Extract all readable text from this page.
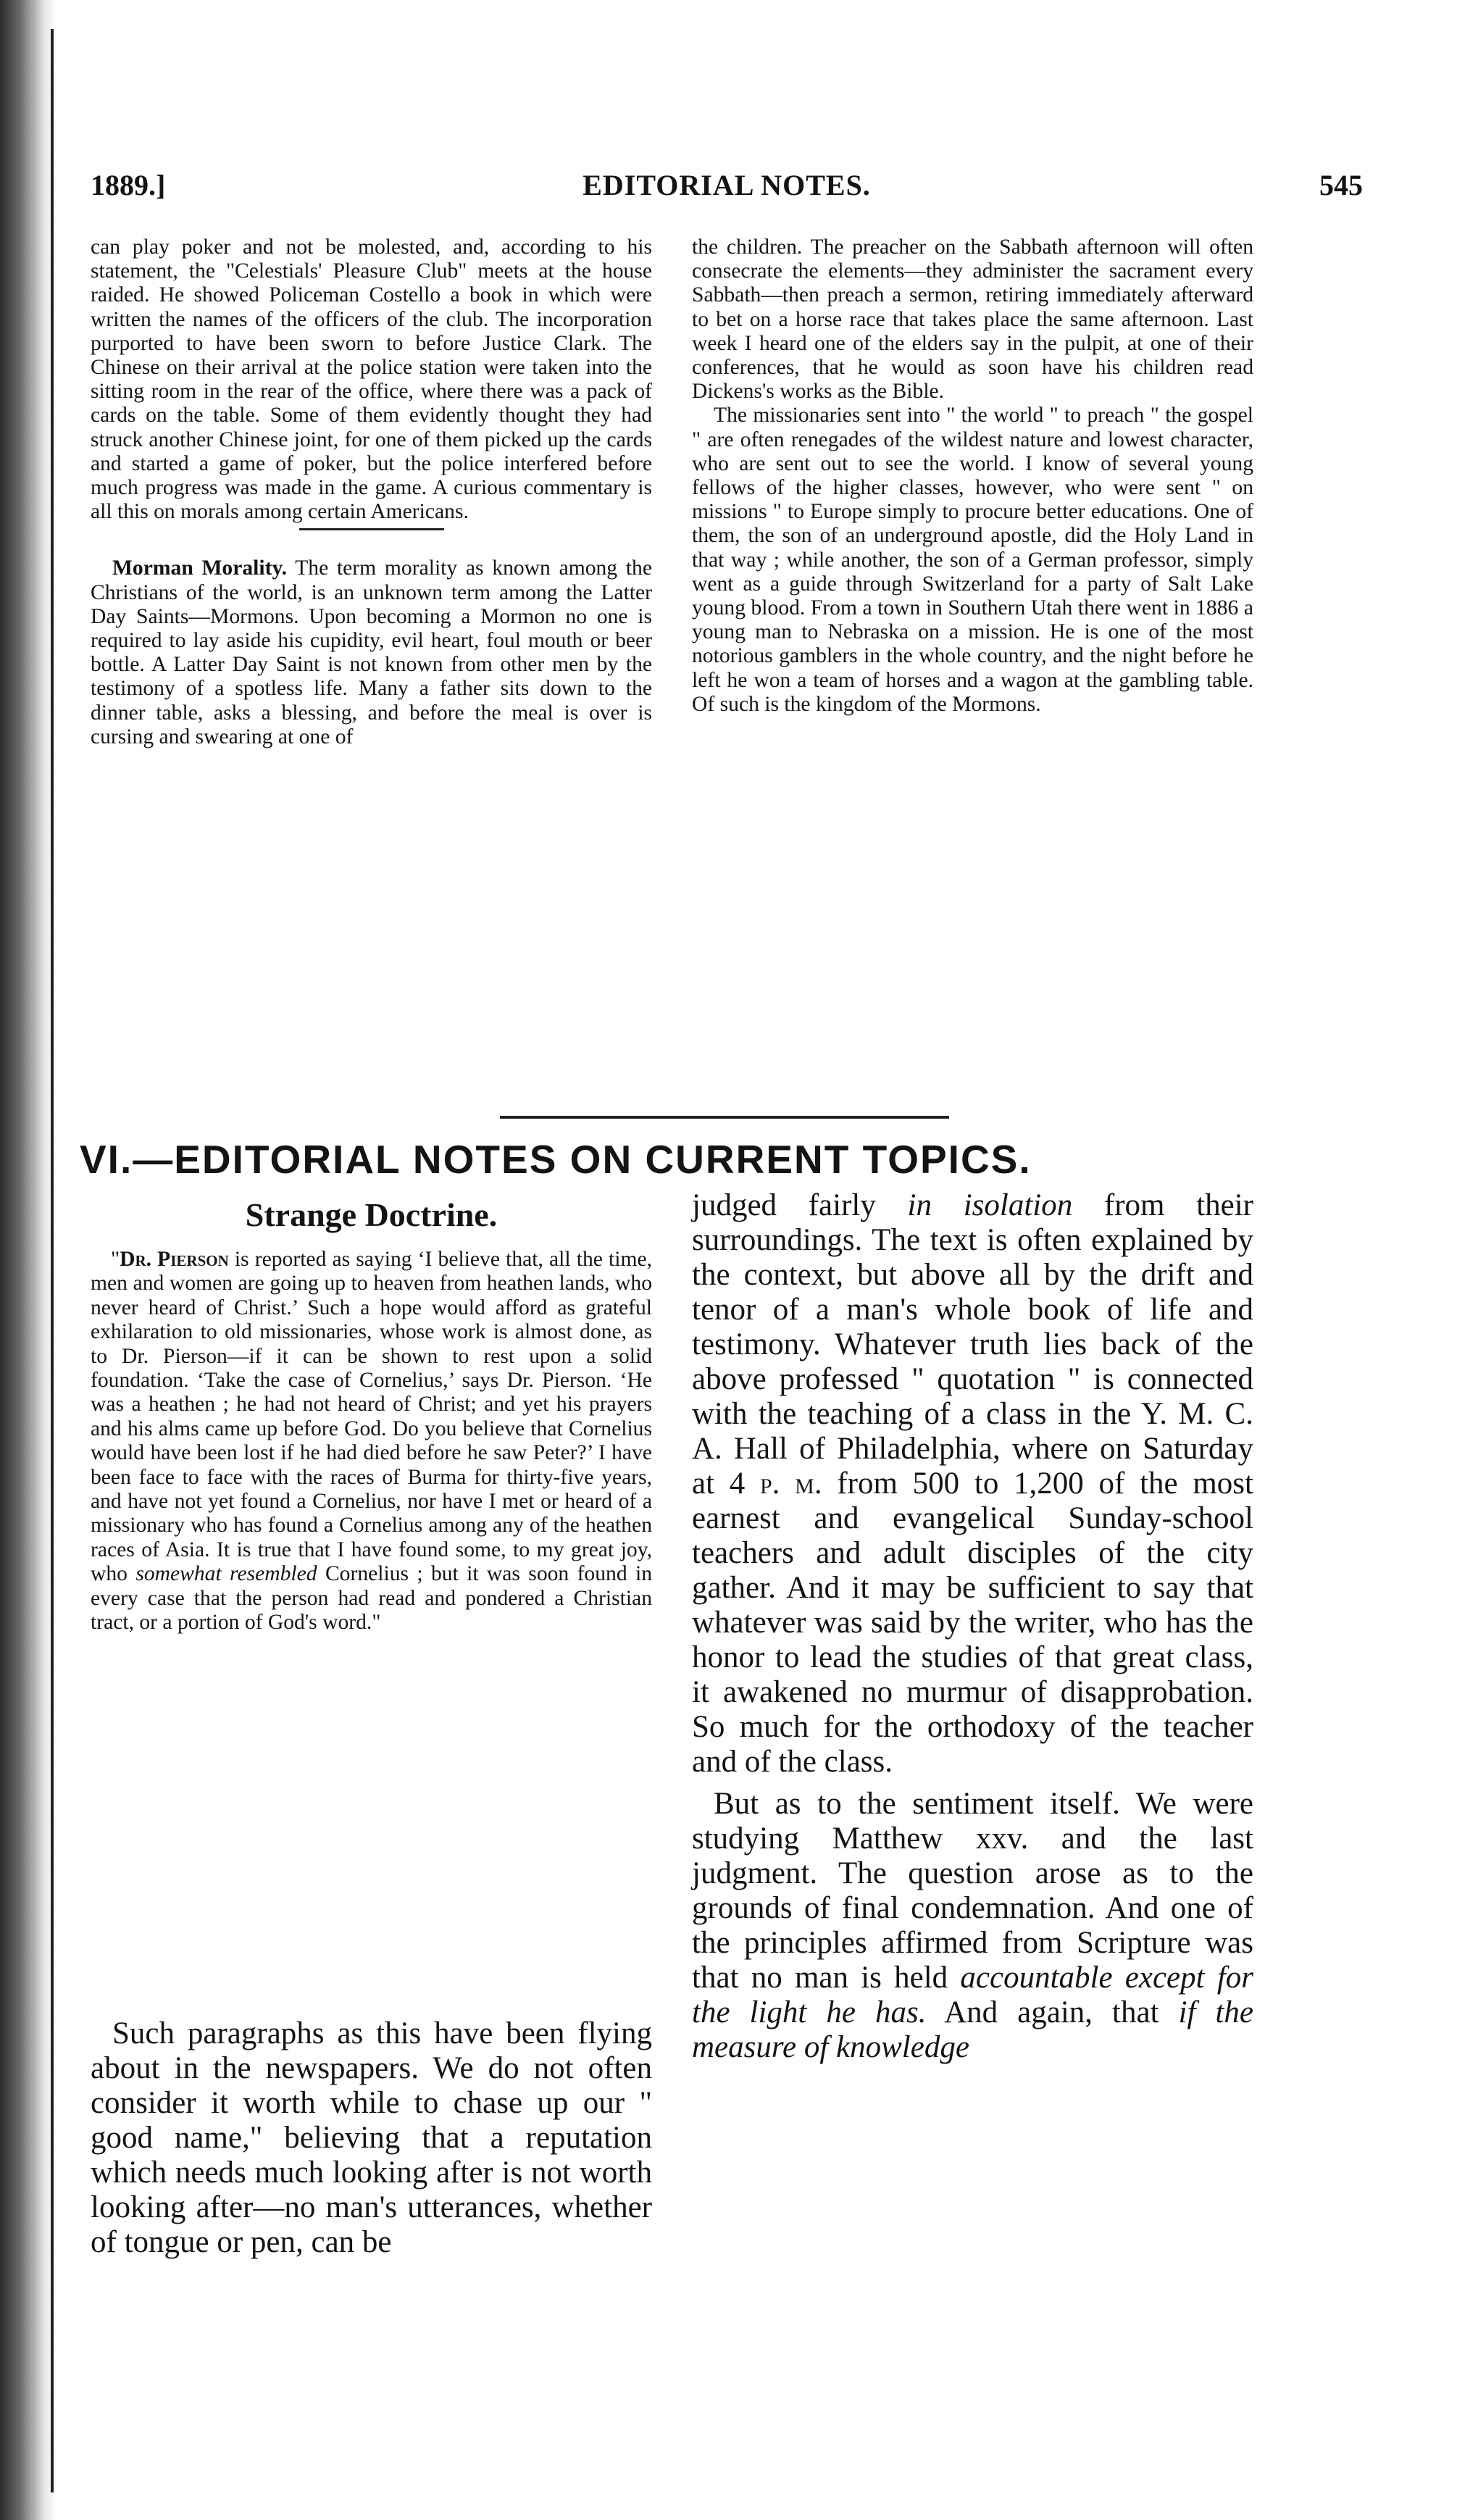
1889.]	EDITORIAL NOTES.	545

can play poker and not be molested, and, according to his statement, the "Celestials' Pleasure Club" meets at the house raided. He showed Policeman Costello a book in which were written the names of the officers of the club. The incorporation purported to have been sworn to before Justice Clark. The Chinese on their arrival at the police station were taken into the sitting room in the rear of the office, where there was a pack of cards on the table. Some of them evidently thought they had struck another Chinese joint, for one of them picked up the cards and started a game of poker, but the police interfered before much progress was made in the game. A curious commentary is all this on morals among certain Americans.

Morman Morality. The term morality as known among the Christians of the world, is an unknown term among the Latter Day Saints—Mormons. Upon becoming a Mormon no one is required to lay aside his cupidity, evil heart, foul mouth or beer bottle. A Latter Day Saint is not known from other men by the testimony of a spotless life. Many a father sits down to the dinner table, asks a blessing, and before the meal is over is cursing and swearing at one of

the children. The preacher on the Sabbath afternoon will often consecrate the elements—they administer the sacrament every Sabbath—then preach a sermon, retiring immediately afterward to bet on a horse race that takes place the same afternoon. Last week I heard one of the elders say in the pulpit, at one of their conferences, that he would as soon have his children read Dickens's works as the Bible.

The missionaries sent into " the world " to preach " the gospel " are often renegades of the wildest nature and lowest character, who are sent out to see the world. I know of several young fellows of the higher classes, however, who were sent " on missions " to Europe simply to procure better educations. One of them, the son of an underground apostle, did the Holy Land in that way ; while another, the son of a German professor, simply went as a guide through Switzerland for a party of Salt Lake young blood. From a town in Southern Utah there went in 1886 a young man to Nebraska on a mission. He is one of the most notorious gamblers in the whole country, and the night before he left he won a team of horses and a wagon at the gambling table. Of such is the kingdom of the Mormons.

VI.—EDITORIAL NOTES ON CURRENT TOPICS.
Strange Doctrine.

"Dr. Pierson is reported as saying ‘I believe that, all the time, men and women are going up to heaven from heathen lands, who never heard of Christ.’ Such a hope would afford as grateful exhilaration to old missionaries, whose work is almost done, as to Dr. Pierson—if it can be shown to rest upon a solid foundation. ‘Take the case of Cornelius,’ says Dr. Pierson. ‘He was a heathen ; he had not heard of Christ; and yet his prayers and his alms came up before God. Do you believe that Cornelius would have been lost if he had died before he saw Peter?’ I have been face to face with the races of Burma for thirty-five years, and have not yet found a Cornelius, nor have I met or heard of a missionary who has found a Cornelius among any of the heathen races of Asia. It is true that I have found some, to my great joy, who somewhat resembled Cornelius ; but it was soon found in every case that the person had read and pondered a Christian tract, or a portion of God's word."

Such paragraphs as this have been flying about in the newspapers. We do not often consider it worth while to chase up our " good name," believing that a reputation which needs much looking after is not worth looking after—no man's utterances, whether of tongue or pen, can be

judged fairly in isolation from their surroundings. The text is often explained by the context, but above all by the drift and tenor of a man's whole book of life and testimony. Whatever truth lies back of the above professed " quotation " is connected with the teaching of a class in the Y. M. C. A. Hall of Philadelphia, where on Saturday at 4 p. m. from 500 to 1,200 of the most earnest and evangelical Sunday-school teachers and adult disciples of the city gather. And it may be sufficient to say that whatever was said by the writer, who has the honor to lead the studies of that great class, it awakened no murmur of disapprobation. So much for the orthodoxy of the teacher and of the class.

But as to the sentiment itself. We were studying Matthew xxv. and the last judgment. The question arose as to the grounds of final condemnation. And one of the principles affirmed from Scripture was that no man is held accountable except for the light he has. And again, that if the measure of knowledge
